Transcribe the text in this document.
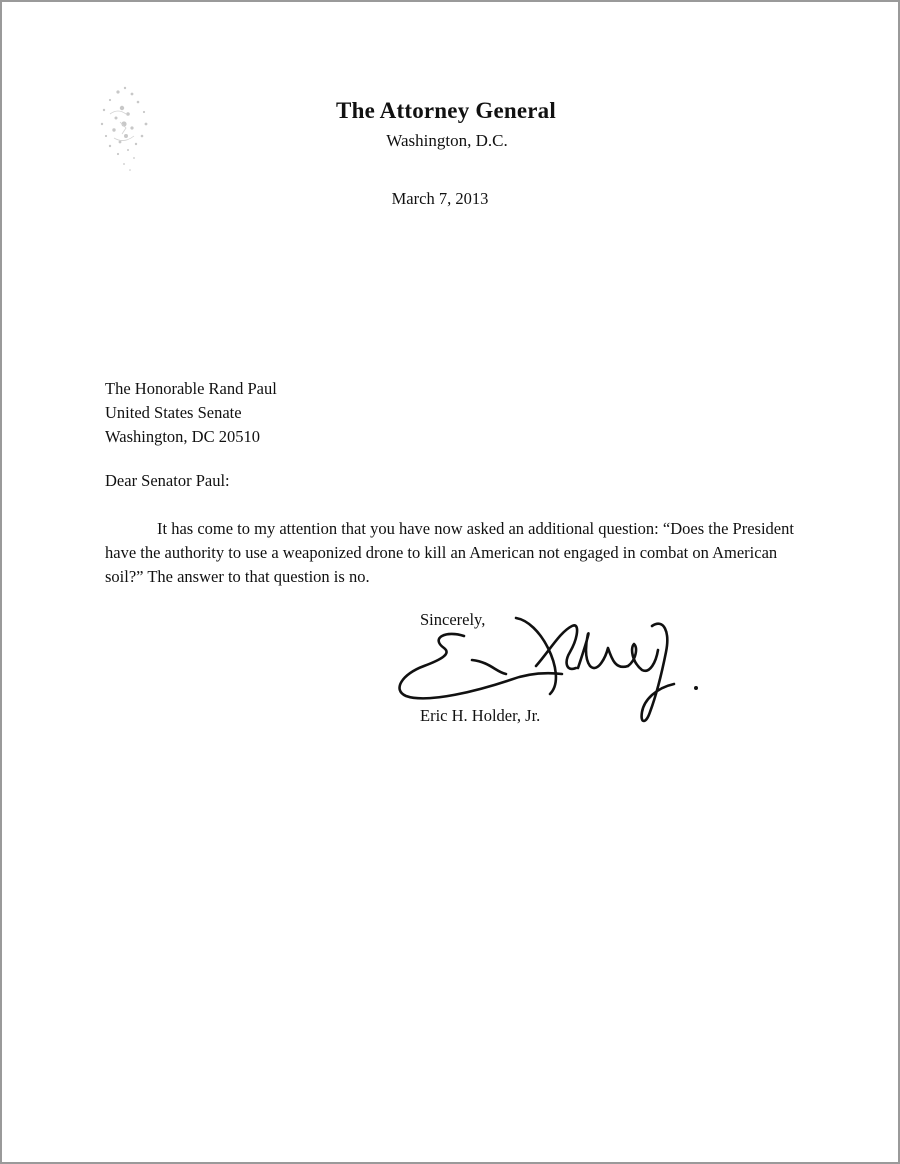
The Attorney General
Washington, D.C.
March 7, 2013
The Honorable Rand Paul
United States Senate
Washington, DC 20510
Dear Senator Paul:
It has come to my attention that you have now asked an additional question: “Does the President have the authority to use a weaponized drone to kill an American not engaged in combat on American soil?” The answer to that question is no.
Sincerely,
Eric H. Holder, Jr.
